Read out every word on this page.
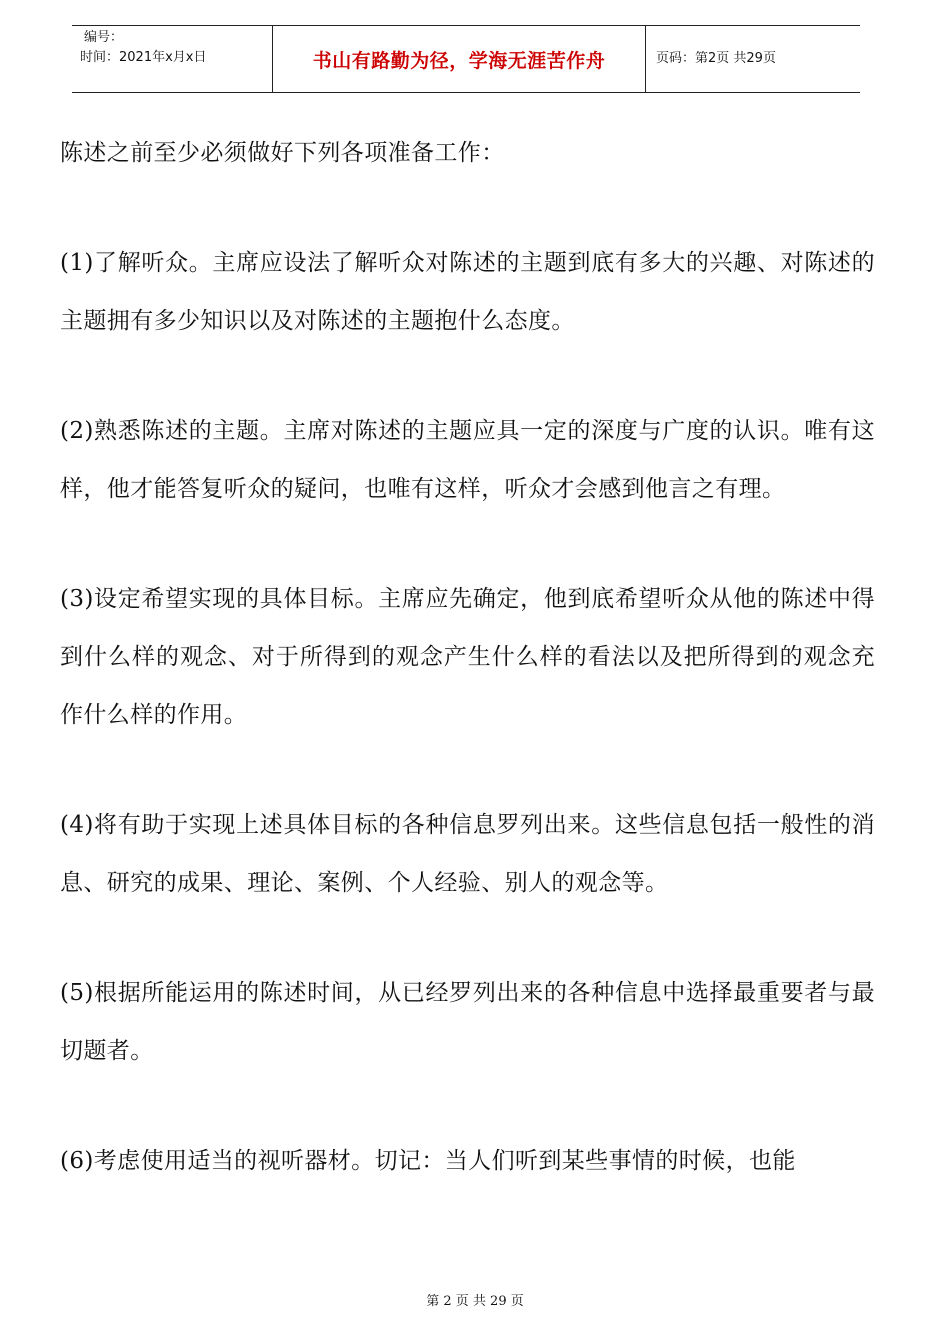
编号：
时间：2021年x月x日	书山有路勤为径，学海无涯苦作舟	页码：第2页 共29页

陈述之前至少必须做好下列各项准备工作：

(1)了解听众。主席应设法了解听众对陈述的主题到底有多大的兴趣、对陈述的主题拥有多少知识以及对陈述的主题抱什么态度。

(2)熟悉陈述的主题。主席对陈述的主题应具一定的深度与广度的认识。唯有这样，他才能答复听众的疑问，也唯有这样，听众才会感到他言之有理。

(3)设定希望实现的具体目标。主席应先确定，他到底希望听众从他的陈述中得到什么样的观念、对于所得到的观念产生什么样的看法以及把所得到的观念充作什么样的作用。

(4)将有助于实现上述具体目标的各种信息罗列出来。这些信息包括一般性的消息、研究的成果、理论、案例、个人经验、别人的观念等。

(5)根据所能运用的陈述时间，从已经罗列出来的各种信息中选择最重要者与最切题者。

(6)考虑使用适当的视听器材。切记：当人们听到某些事情的时候，也能

第 2 页 共 29 页
